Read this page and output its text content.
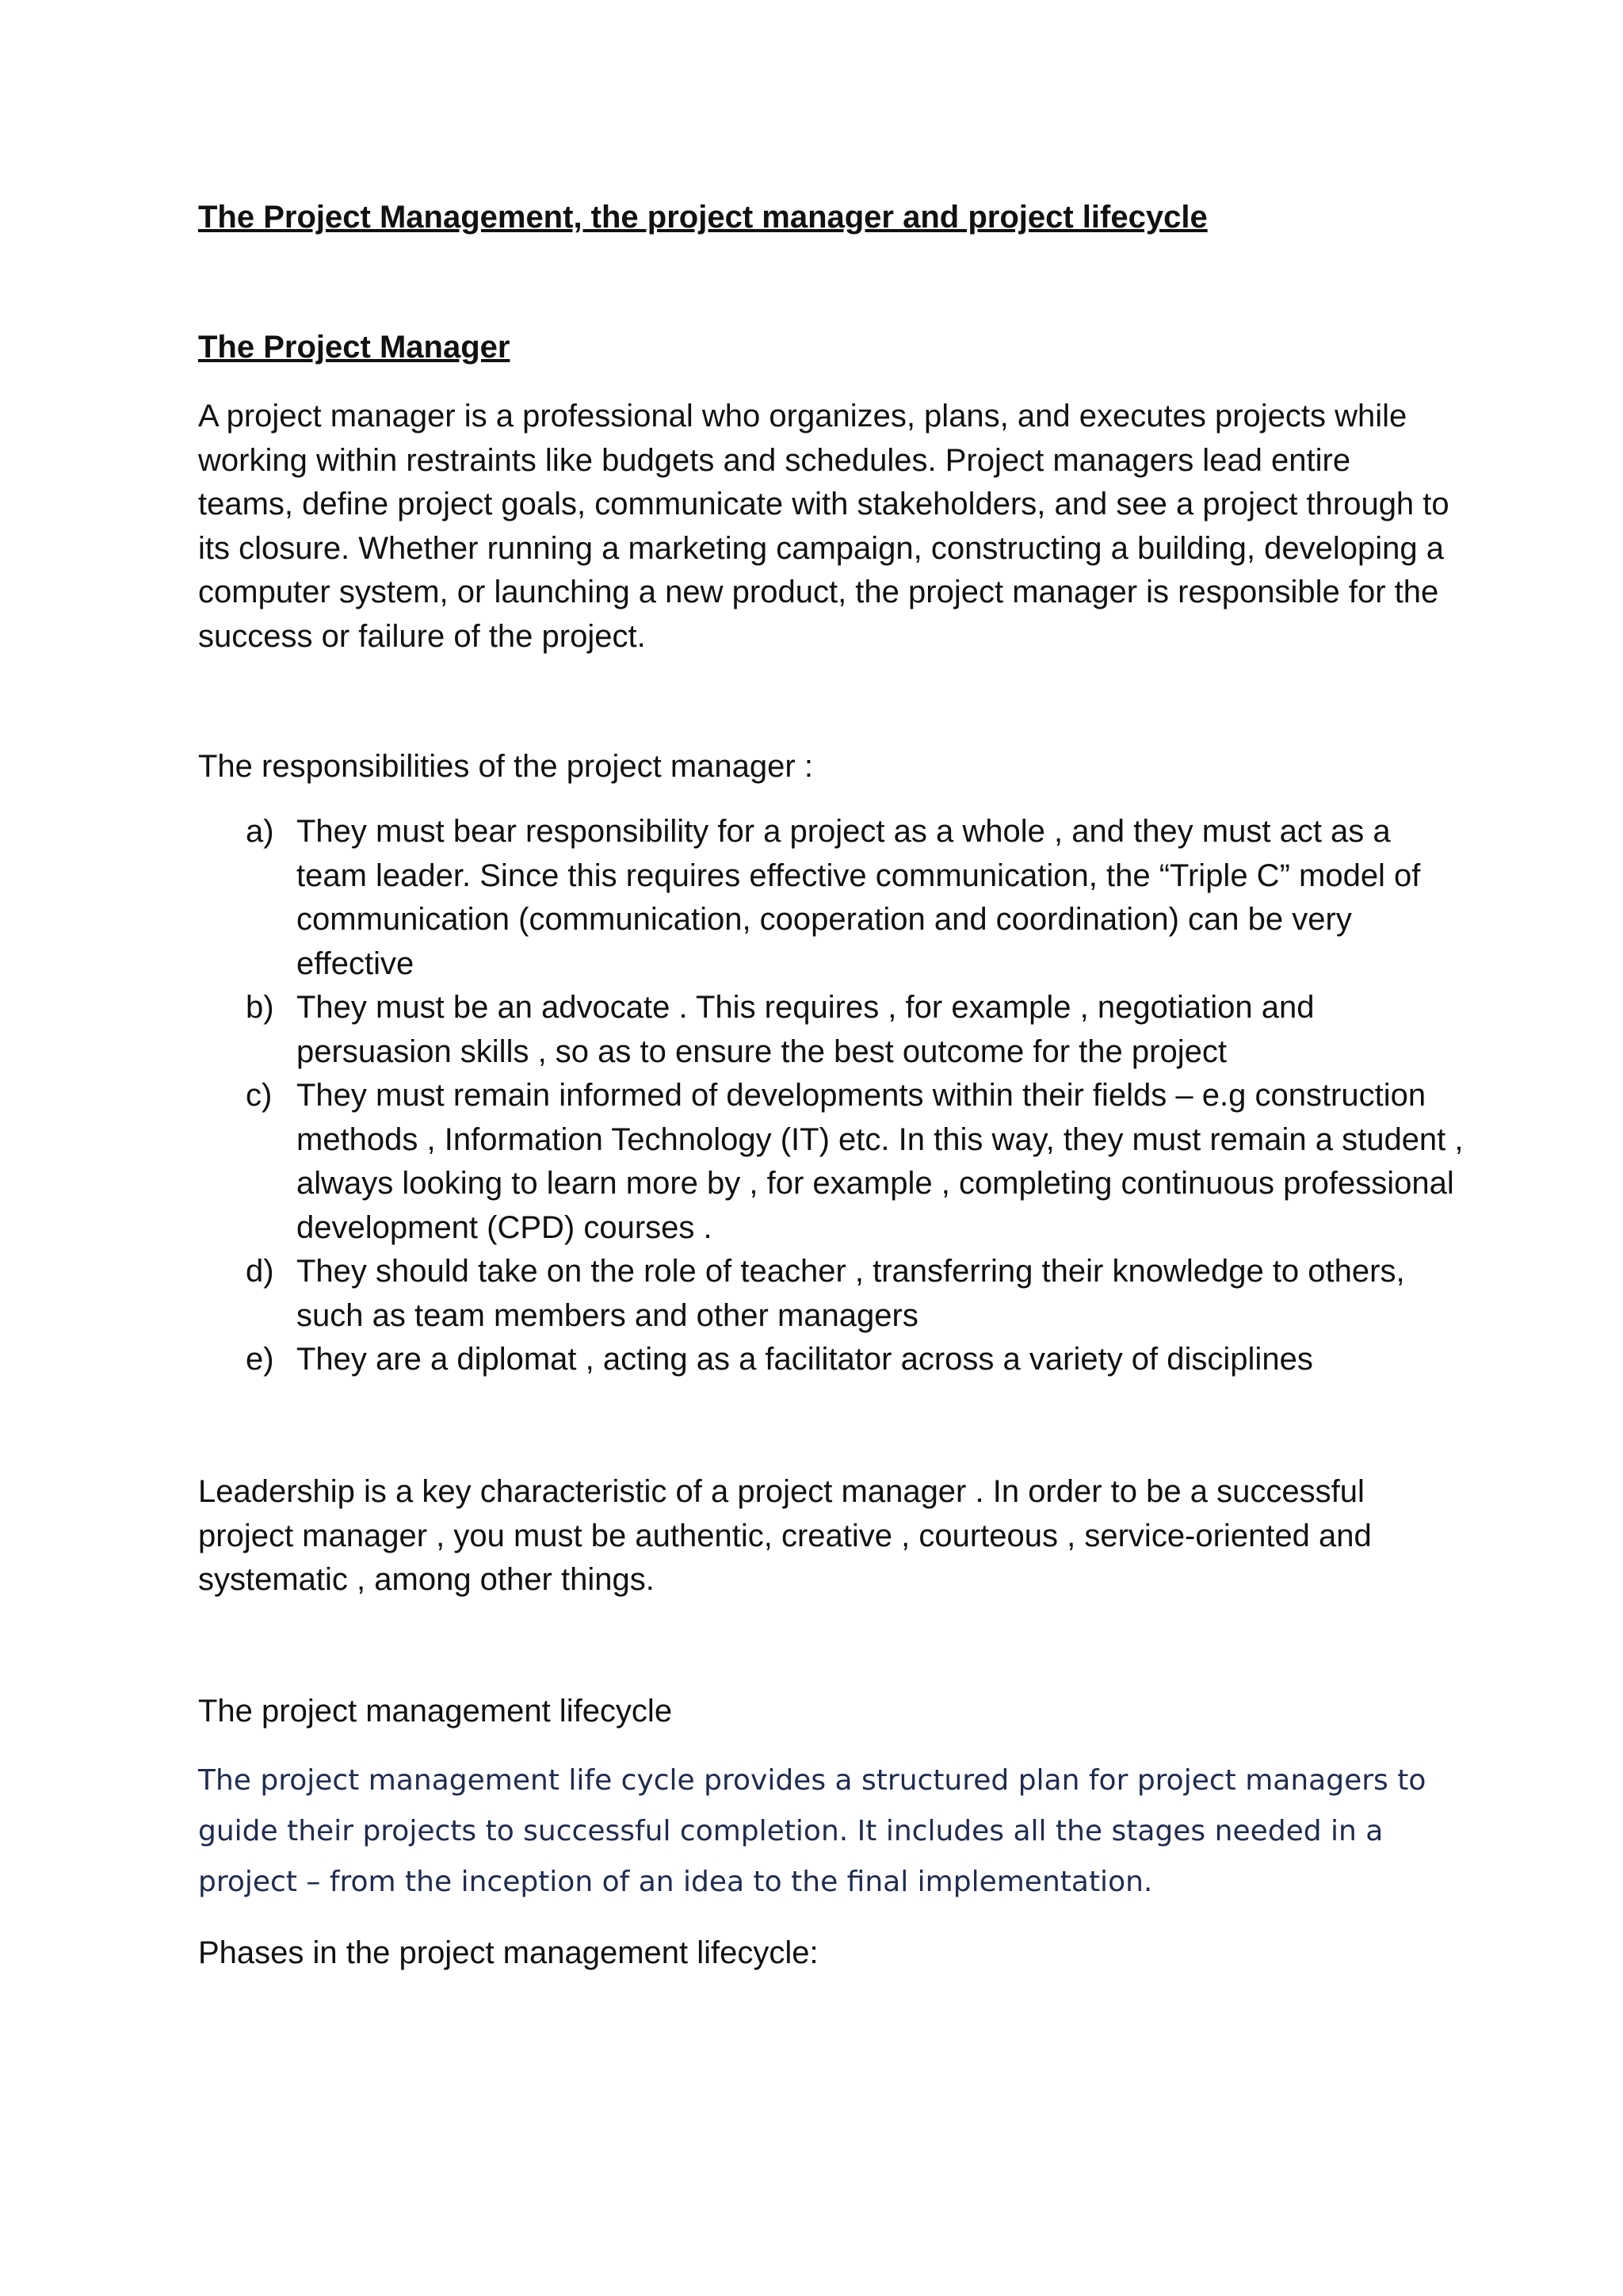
The Project Management, the project manager and project lifecycle
The Project Manager

A project manager is a professional who organizes, plans, and executes projects while working within restraints like budgets and schedules. Project managers lead entire teams, define project goals, communicate with stakeholders, and see a project through to its closure. Whether running a marketing campaign, constructing a building, developing a computer system, or launching a new product, the project manager is responsible for the success or failure of the project.

The responsibilities of the project manager :

a) They must bear responsibility for a project as a whole , and they must act as a team leader. Since this requires effective communication, the “Triple C” model of communication (communication, cooperation and coordination) can be very effective
b) They must be an advocate . This requires , for example , negotiation and persuasion skills , so as to ensure the best outcome for the project
c) They must remain informed of developments within their fields – e.g construction methods , Information Technology (IT) etc. In this way, they must remain a student , always looking to learn more by , for example , completing continuous professional development (CPD) courses .
d) They should take on the role of teacher , transferring their knowledge to others, such as team members and other managers
e) They are a diplomat , acting as a facilitator across a variety of disciplines

Leadership is a key characteristic of a project manager . In order to be a successful project manager , you must be authentic, creative , courteous , service-oriented and systematic , among other things.

The project management lifecycle

The project management life cycle provides a structured plan for project managers to guide their projects to successful completion. It includes all the stages needed in a project – from the inception of an idea to the final implementation.

Phases in the project management lifecycle:
